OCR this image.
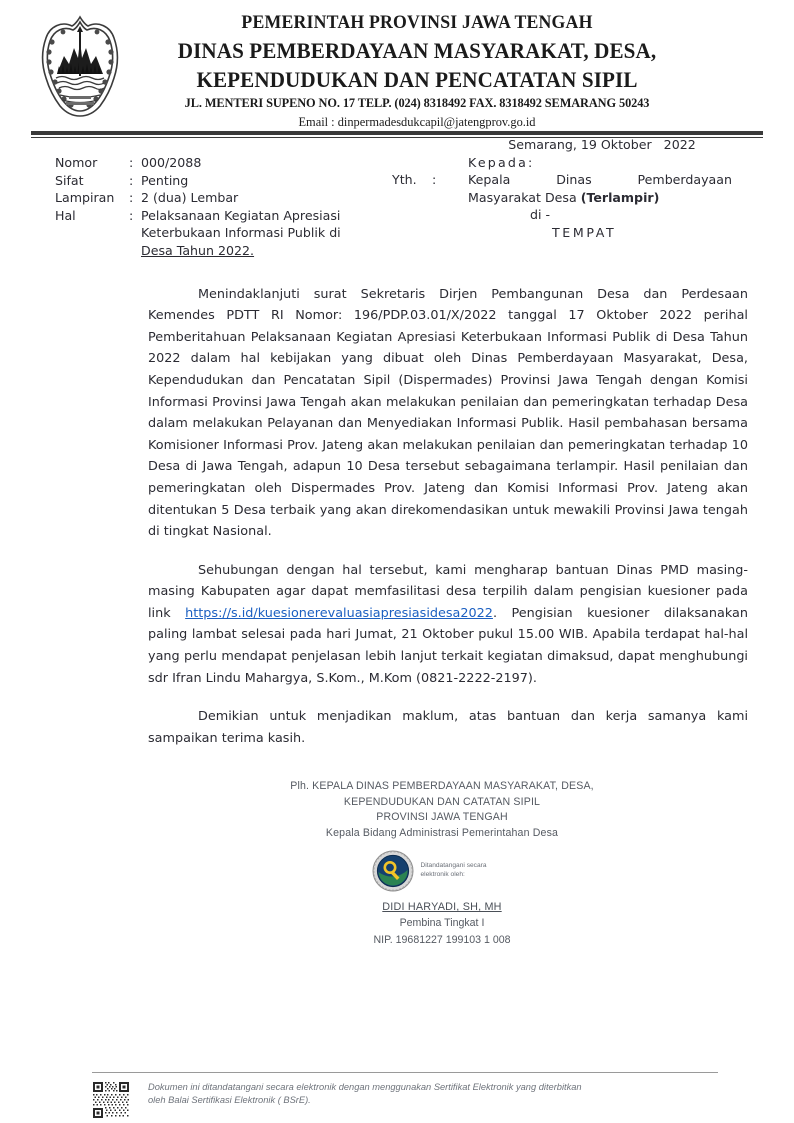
PEMERINTAH PROVINSI JAWA TENGAH
DINAS PEMBERDAYAAN MASYARAKAT, DESA,
KEPENDUDUKAN DAN PENCATATAN SIPIL
JL. MENTERI SUPENO NO. 17 TELP. (024) 8318492 FAX. 8318492 SEMARANG 50243
Email : dinpermadesdukcapil@jatengprov.go.id
Nomor	: 000/2088
Sifat	: Penting
Lampiran	: 2 (dua) Lembar
Hal	: Pelaksanaan Kegiatan Apresiasi
Keterbukaan Informasi Publik di
Desa Tahun 2022.
Semarang, 19 Oktober   2022
Kepada:
Yth.	:	Kepala	Dinas	Pemberdayaan
Masyarakat Desa (Terlampir)
di -
TEMPAT

Menindaklanjuti surat Sekretaris Dirjen Pembangunan Desa dan Perdesaan Kemendes PDTT RI Nomor: 196/PDP.03.01/X/2022 tanggal 17 Oktober 2022 perihal Pemberitahuan Pelaksanaan Kegiatan Apresiasi Keterbukaan Informasi Publik di Desa Tahun 2022 dalam hal kebijakan yang dibuat oleh Dinas Pemberdayaan Masyarakat, Desa, Kependudukan dan Pencatatan Sipil (Dispermades) Provinsi Jawa Tengah dengan Komisi Informasi Provinsi Jawa Tengah akan melakukan penilaian dan pemeringkatan terhadap Desa dalam melakukan Pelayanan dan Menyediakan Informasi Publik. Hasil pembahasan bersama Komisioner Informasi Prov. Jateng akan melakukan penilaian dan pemeringkatan terhadap 10 Desa di Jawa Tengah, adapun 10 Desa tersebut sebagaimana terlampir. Hasil penilaian dan pemeringkatan oleh Dispermades Prov. Jateng dan Komisi Informasi Prov. Jateng akan ditentukan 5 Desa terbaik yang akan direkomendasikan untuk mewakili Provinsi Jawa tengah di tingkat Nasional.

Sehubungan dengan hal tersebut, kami mengharap bantuan Dinas PMD masing-masing Kabupaten agar dapat memfasilitasi desa terpilih dalam pengisian kuesioner pada link https://s.id/kuesionerevaluasiapresiasidesa2022. Pengisian kuesioner dilaksanakan paling lambat selesai pada hari Jumat, 21 Oktober pukul 15.00 WIB. Apabila terdapat hal-hal yang perlu mendapat penjelasan lebih lanjut terkait kegiatan dimaksud, dapat menghubungi sdr Ifran Lindu Mahargya, S.Kom., M.Kom (0821-2222-2197).

Demikian untuk menjadikan maklum, atas bantuan dan kerja samanya kami sampaikan terima kasih.

Plh. KEPALA DINAS PEMBERDAYAAN MASYARAKAT, DESA,
KEPENDUDUKAN DAN CATATAN SIPIL
PROVINSI JAWA TENGAH
Kepala Bidang Administrasi Pemerintahan Desa
Ditandatangani secara
elektronik oleh:
DIDI HARYADI, SH, MH
Pembina Tingkat I
NIP. 19681227 199103 1 008
Dokumen ini ditandatangani secara elektronik dengan menggunakan Sertifikat Elektronik yang diterbitkan
oleh Balai Sertifikasi Elektronik ( BSrE).
